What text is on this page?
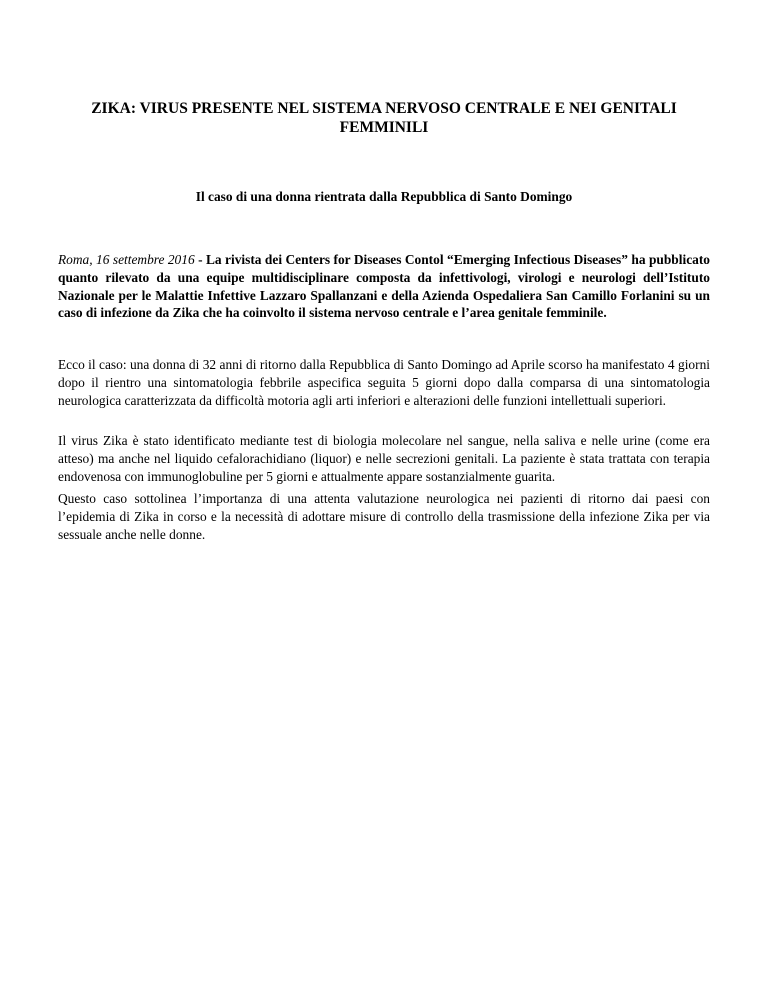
ZIKA: VIRUS PRESENTE NEL SISTEMA NERVOSO CENTRALE E NEI GENITALI FEMMINILI
Il caso di una donna rientrata dalla Repubblica di Santo Domingo

Roma, 16 settembre 2016 - La rivista dei Centers for Diseases Contol “Emerging Infectious Diseases” ha pubblicato quanto rilevato da una equipe multidisciplinare composta da infettivologi, virologi e neurologi dell’Istituto Nazionale per le Malattie Infettive Lazzaro Spallanzani e della Azienda Ospedaliera San Camillo Forlanini su un caso di infezione da Zika che ha coinvolto il sistema nervoso centrale e l’area genitale femminile.

Ecco il caso: una donna di 32 anni di ritorno dalla Repubblica di Santo Domingo ad Aprile scorso ha manifestato 4 giorni dopo il rientro una sintomatologia febbrile aspecifica seguita 5 giorni dopo dalla comparsa di una sintomatologia neurologica caratterizzata da difficoltà motoria agli arti inferiori e alterazioni delle funzioni intellettuali superiori.

Il virus Zika è stato identificato mediante test di biologia molecolare nel sangue, nella saliva e nelle urine (come era atteso) ma anche nel liquido cefalorachidiano (liquor) e nelle secrezioni genitali. La paziente è stata trattata con terapia endovenosa con immunoglobuline per 5 giorni e attualmente appare sostanzialmente guarita.

Questo caso sottolinea l’importanza di una attenta valutazione neurologica nei pazienti di ritorno dai paesi con l’epidemia di Zika in corso e la necessità di adottare misure di controllo della trasmissione della infezione Zika per via sessuale anche nelle donne.
